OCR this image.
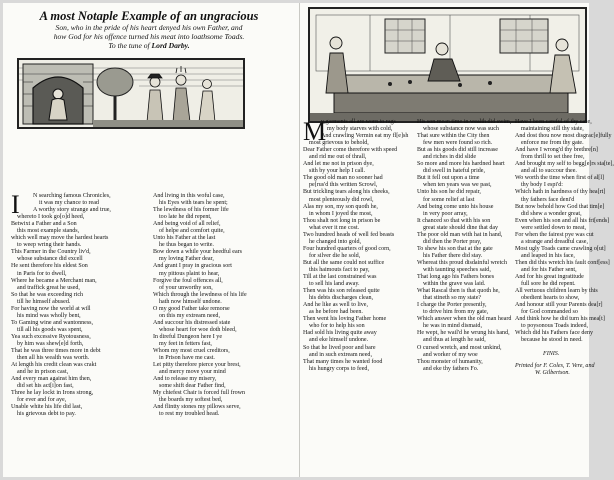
A most Notaple Example of an ungracious
Son, who in the pride of his heart denyed his own Father, and
how God for his offence turned his meat into loathsome Toads.
To the tune of Lord Darby.
I N searching famous Chronicles,
it was my chance to read
A worthy story strange and true,
whereto I took go[o]d heed,
Betwixt a Father and a Son
this most example stands,
which well may move the hardest hearts
to weep wring their hands.
This Farmer in the Country liv'd,
whose substance did excell
He sent therefore his eldest Son
in Paris for to dwell,
Where he became a Merchant man,
and traffick great he used,
So that he was exceeding rich
till he himself abused.
For having now the world at will
his mind was wholly bent,
To Gaming wine and wantonness,
till all his goods was spent,
Yea such excessive Ryotousness,
by him was shew[e]d forth,
That he was three times more in debt
then all his wealth was worth.
At length his credit clean was crakt
and he in prison cast,
And every man against him then,
did set his act[i]on fast,
Three he lay lockt in Irons strong,
for ever and for aye,
Unable white his life did last,
his grievous debt to pay.
And living in this woful case,
his Eyes with tears he spent;
The lewdness of his former life
too late he did repent,
And being void of all relief,
of helpe and comfort quite,
Unto his Father at the last
he thus began to write.
Bow down a while your heedful ears
my loving Father dear,
And grant I pray in gracious sort
my pittous plaint to hear,
Forgive the foul offences all,
of your unworthy son,
Which through the lewdness of his life
hath now himself undone.
O my good Father take remorse
on this my extream need,
And succour his distressed state
whose heart for woe doth bleed,
In direful Dungeon here I ye
my feet in fetters fast,
Whom my most cruel creditors,
in Prison have me cast.
Let pitty therefore pierce your brest,
and mercy move your mind
And to release my misery,
some shift dear Father find,
My chiefest Chair is forced full frown
the boards my softest bed,
And flintty stones my pillows serve,
to rest my troubled head.
M
y garments all are worn to rags
my body starves with cold,
And crawling Vermin eat my fl[e]sh
most grievous to behold,
Dear Father come therefore with speed
and rid me out of thrall,
And let me not in prison dye,
sith by your help I call.
The good old man no sooner had
pe[rus'd this written Scrowl,
But trickling tears along his cheeks,
most plenteously did rowl,
Alas my son, my son quoth he,
in whom I joyed the most,
Thou shalt not long in prison be
what ever it me cost.
Two hundred heads of well fed beasts
he changed into gold,
Four hundred quarters of good corn,
for silver die he sold,
But all the same could not suffice
this haimouts fact to pay,
Till at the last constrained was
to sell his land away.
Then was his son released quite
his debts discharges clean,
And he like as well to live,
as he before had been.
Then went his loving Father home
who for to help his son
Had sold his living quite away
and eke himself undone.
So that he lived poor and bare
and in such extream need,
That many times he wanted food
his hungry corps to feed,
His son mean time in wealth did swim,
whose substance now was such
That sure within the City then
few men were found so rich.
But as his goods did still increase
and riches in did slide
So more and more his hardned heart
did swell in hateful pride,
But it fell out upon a time
when ten years was we past,
Unto his son he did repair,
for some relief at last
And being come unto his house
in very poor array,
It chanced so that with his son
great state should dine that day
The poor old man with hat in hand,
did then the Porter pray,
To shew his son that at the gate
his Father there did stay.
Whereat this proud disdainful wretch
with taunting speeches said,
That long ago his Fathers bones
within the grave was laid.
What Rascal then is that quoth he,
that stineth so my state?
I charge the Porter presently,
to drive him from my gate,
Which answer when the old man heard
he was in mind dismaid,
He wept, he wail'd he wrung his hand,
and thus at length he said,
O cursed wretch, and most unkind,
and worker of my woe
Thou monster of humanity,
and eke thy fathers Fo.
Have I been careful of thy case,
maintaining still thy state,
And dost thou now most disgrac[e]fully
enforce me from thy gate.
And have I wrong'd thy brethre[n]
from thrill to set thee free,
And brought my self to begg[e]rs sta[te],
and all to succour thee.
Wo worth the time when first of al[l]
thy body I espi'd:
Which hath in hardness of thy hea[rt]
thy fathers face deni'd
But now behold how God that tim[e]
did shew a wonder great,
Even when his son and all his fri[ends]
were settled down to meat,
For when the fairest pye was cut
a strange and dreadful case,
Most ugly Toads came crawling o[ut]
and leaped in his face,
Then did this wretch his fault conf[ess]
and for his Father sent,
And for his great ingratitude
full sore he did repent.
All vertuous children learn by this
obedient hearts to show,
And honour still your Parents dea[r]
for God commanded so
And think how he did turn his mea[t]
to poysonous Toads indeed,
Which did his Fathers face deny
because he stood in need.
FINIS.
Printed for F. Coles, T. Vere, and
W. Gilbertson.
